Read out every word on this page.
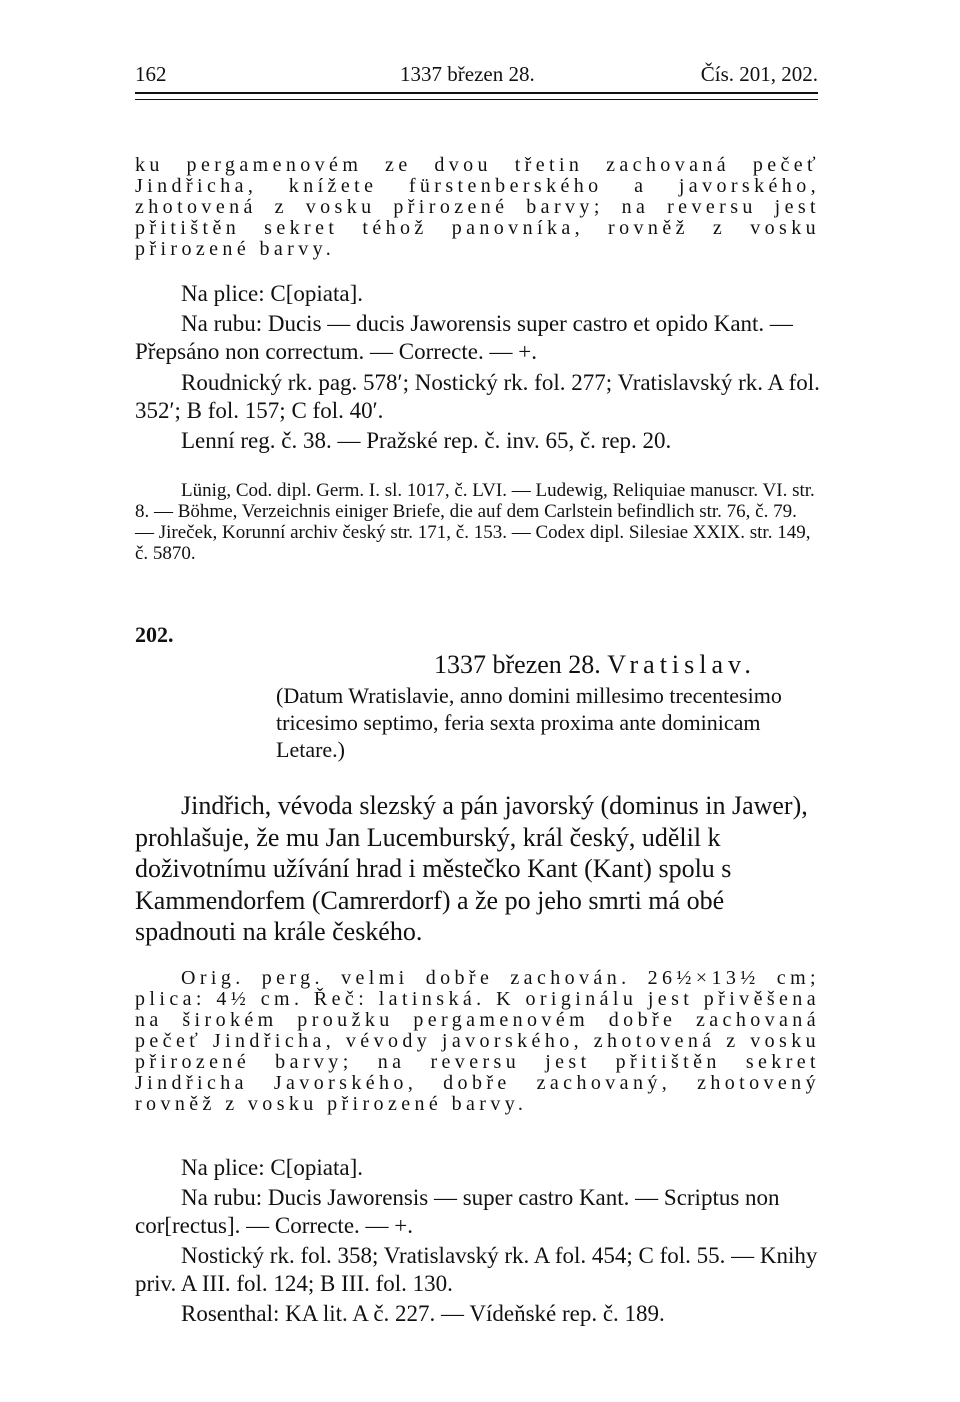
162	1337 březen 28.	Čís. 201, 202.

ku pergamenovém ze dvou třetin zachovaná pečeť Jindřicha, knížete fürstenberského a javorského, zhotovená z vosku přirozené barvy; na reversu jest přitištěn sekret téhož panovníka, rovněž z vosku přirozené barvy.

Na plice: C[opiata].

Na rubu: Ducis — ducis Jaworensis super castro et opido Kant. — Přepsáno non correctum. — Correcte. — +.

Roudnický rk. pag. 578′; Nostický rk. fol. 277; Vratislavský rk. A fol. 352′; B fol. 157; C fol. 40′.

Lenní reg. č. 38. — Pražské rep. č. inv. 65, č. rep. 20.

Lünig, Cod. dipl. Germ. I. sl. 1017, č. LVI. — Ludewig, Reliquiae manuscr. VI. str. 8. — Böhme, Verzeichnis einiger Briefe, die auf dem Carlstein befindlich str. 76, č. 79. — Jireček, Korunní archiv český str. 171, č. 153. — Codex dipl. Silesiae XXIX. str. 149, č. 5870.

202.
1337 březen 28. Vratislav.

(Datum Wratislavie, anno domini millesimo trecentesimo tricesimo septimo, feria sexta proxima ante dominicam Letare.)

Jindřich, vévoda slezský a pán javorský (dominus in Jawer), prohlašuje, že mu Jan Lucemburský, král český, udělil k doživotnímu užívání hrad i městečko Kant (Kant) spolu s Kammendorfem (Camrerdorf) a že po jeho smrti má obé spadnouti na krále českého.

Orig. perg. velmi dobře zachován. 26½×13½ cm; plica: 4½ cm. Řeč: latinská. K originálu jest přivěšena na širokém proužku pergamenovém dobře zachovaná pečeť Jindřicha, vévody javorského, zhotovená z vosku přirozené barvy; na reversu jest přitištěn sekret Jindřicha Javorského, dobře zachovaný, zhotovený rovněž z vosku přirozené barvy.

Na plice: C[opiata].

Na rubu: Ducis Jaworensis — super castro Kant. — Scriptus non cor[rectus]. — Correcte. — +.

Nostický rk. fol. 358; Vratislavský rk. A fol. 454; C fol. 55. — Knihy priv. A III. fol. 124; B III. fol. 130.

Rosenthal: KA lit. A č. 227. — Vídeňské rep. č. 189.
